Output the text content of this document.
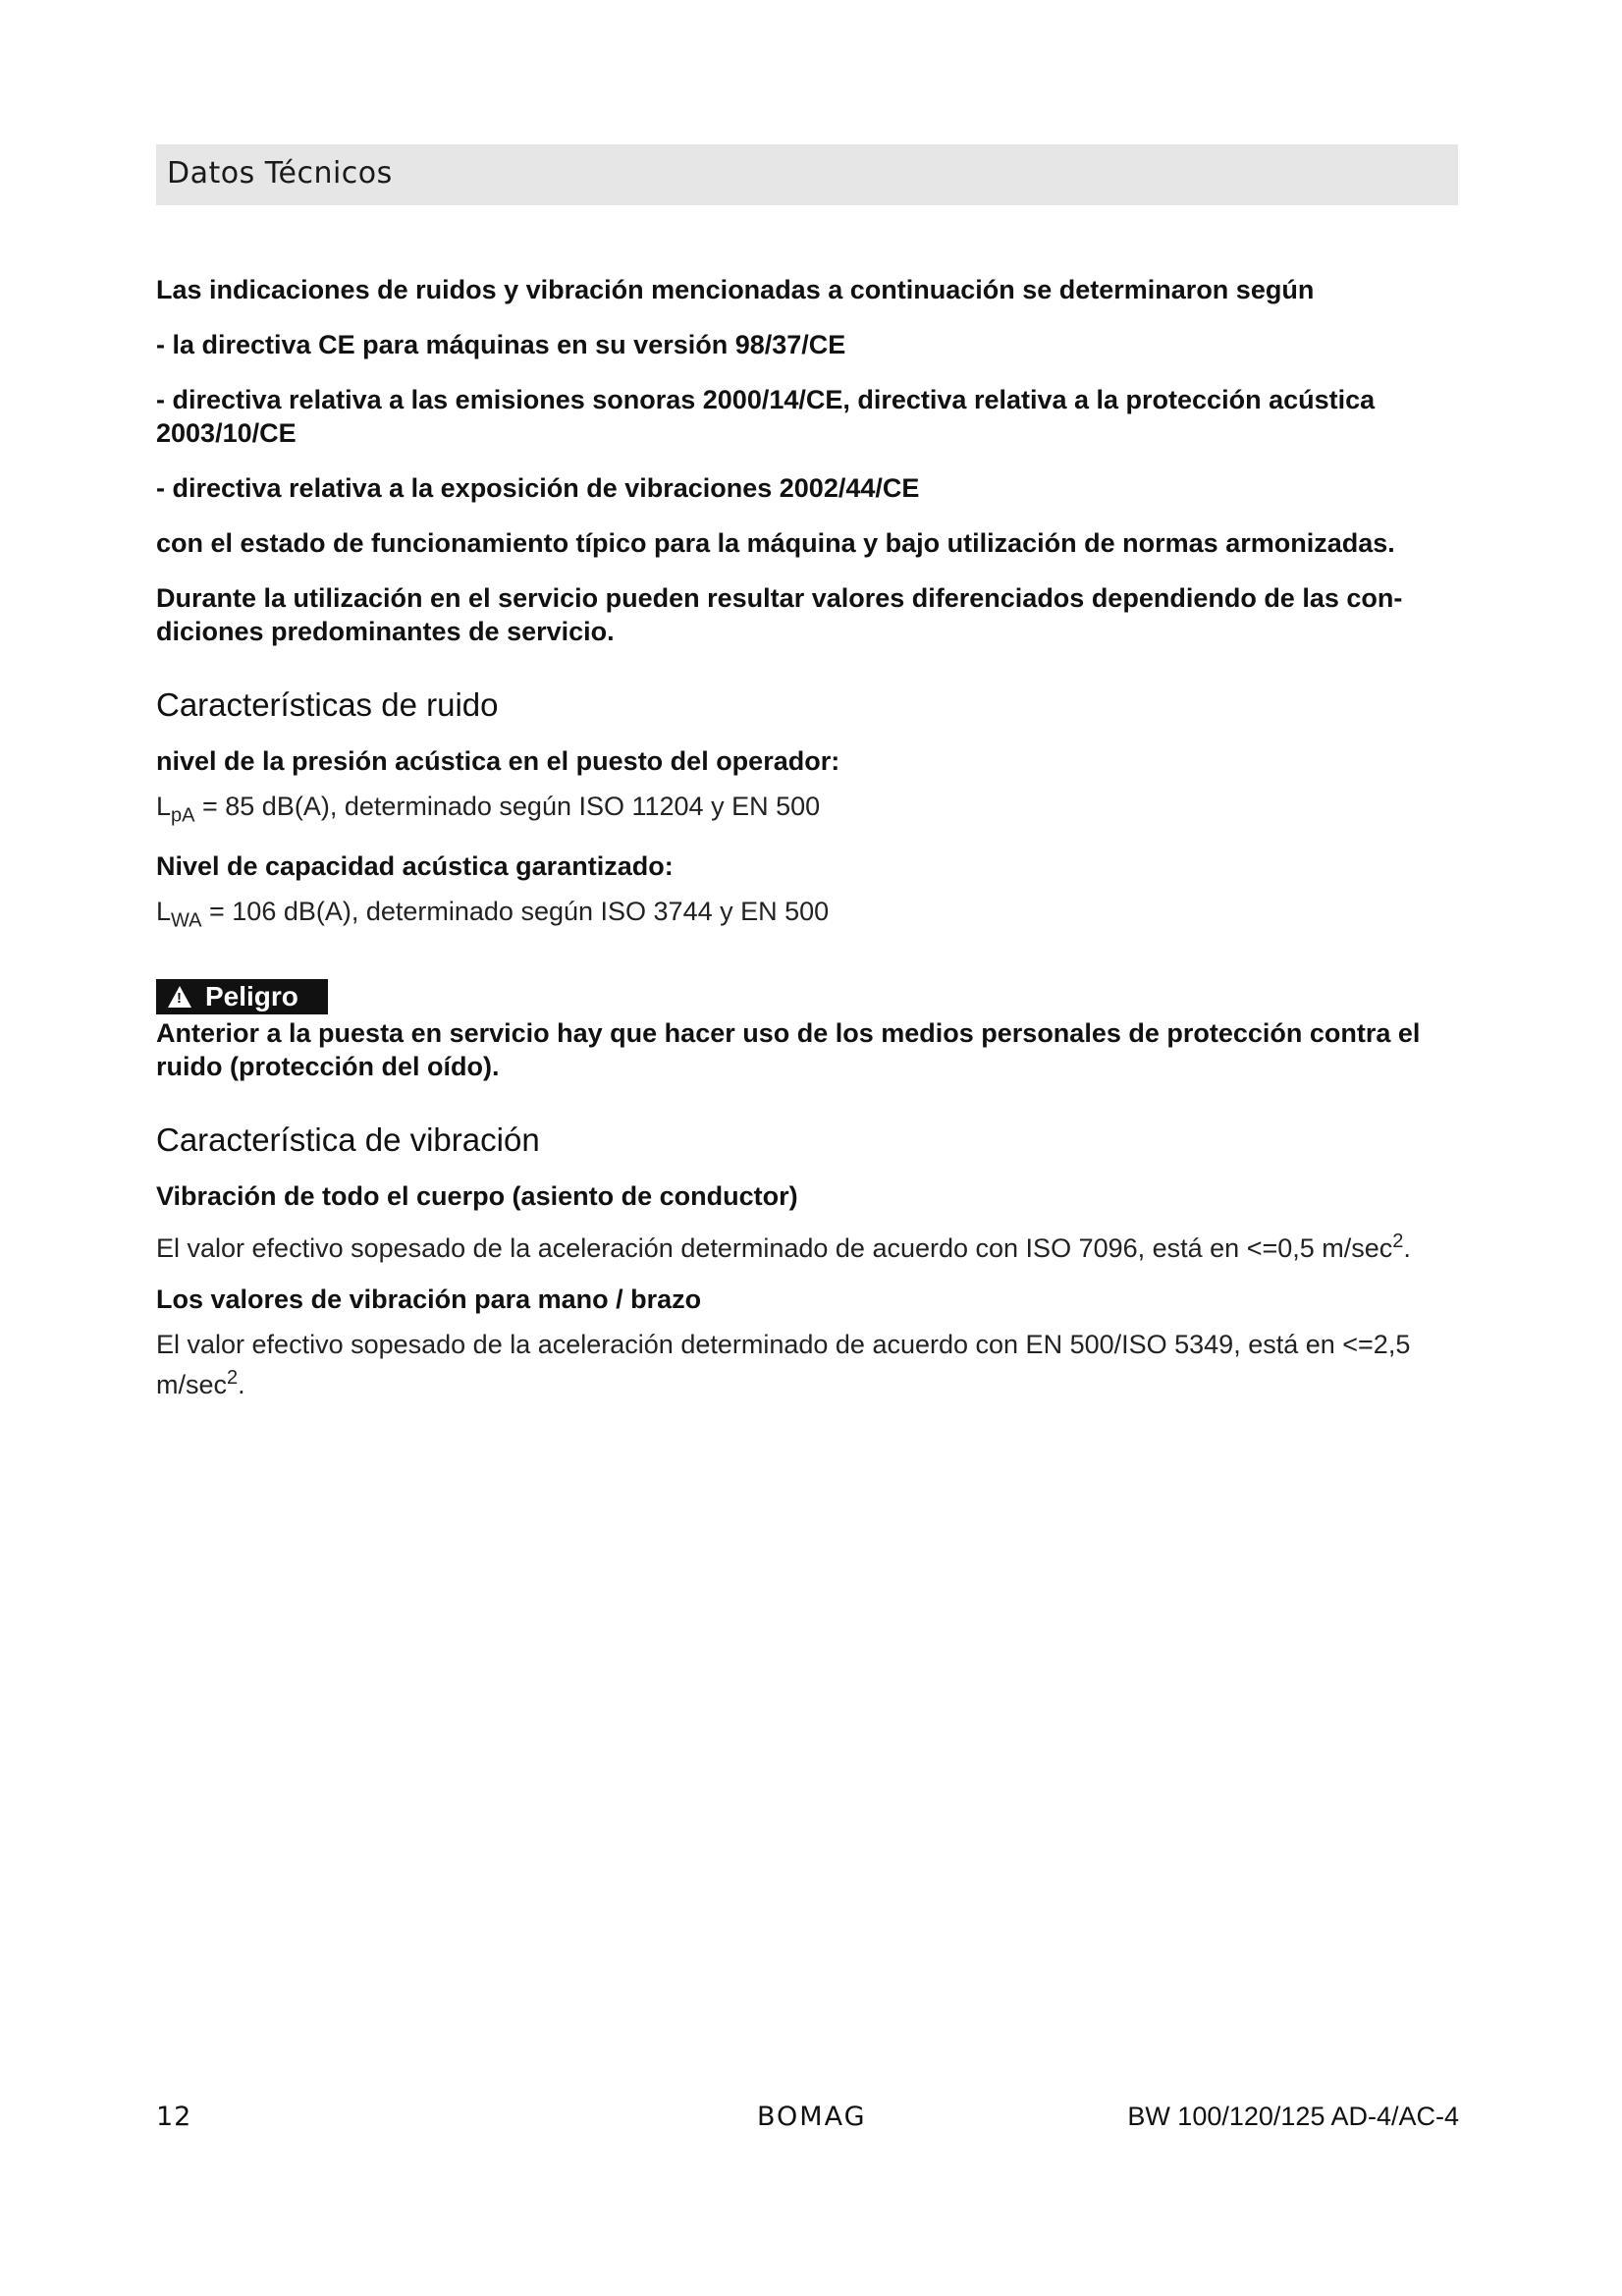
Datos Técnicos

Las indicaciones de ruidos y vibración mencionadas a continuación se determinaron según

- la directiva CE para máquinas en su versión 98/37/CE

- directiva relativa a las emisiones sonoras 2000/14/CE, directiva relativa a la protección acústica
2003/10/CE

- directiva relativa a la exposición de vibraciones 2002/44/CE

con el estado de funcionamiento típico para la máquina y bajo utilización de normas armonizadas.

Durante la utilización en el servicio pueden resultar valores diferenciados dependiendo de las con-
diciones predominantes de servicio.

Características de ruido

nivel de la presión acústica en el puesto del operador:

$L_{pA} = 85$ dB(A), determinado según ISO 11204 y EN 500

Nivel de capacidad acústica garantizado:

$L_{WA} = 106$ dB(A), determinado según ISO 3744 y EN 500

! Peligro

Anterior a la puesta en servicio hay que hacer uso de los medios personales de protección contra el
ruido (protección del oído).

Característica de vibración

Vibración de todo el cuerpo (asiento de conductor)

El valor efectivo sopesado de la aceleración determinado de acuerdo con ISO 7096, está en <=0,5 $m/\sec^2$.

Los valores de vibración para mano / brazo

El valor efectivo sopesado de la aceleración determinado de acuerdo con EN 500/ISO 5349, está en <=2,5
$m/\sec^2$.

12	BOMAG	BW 100/120/125 AD-4/AC-4
